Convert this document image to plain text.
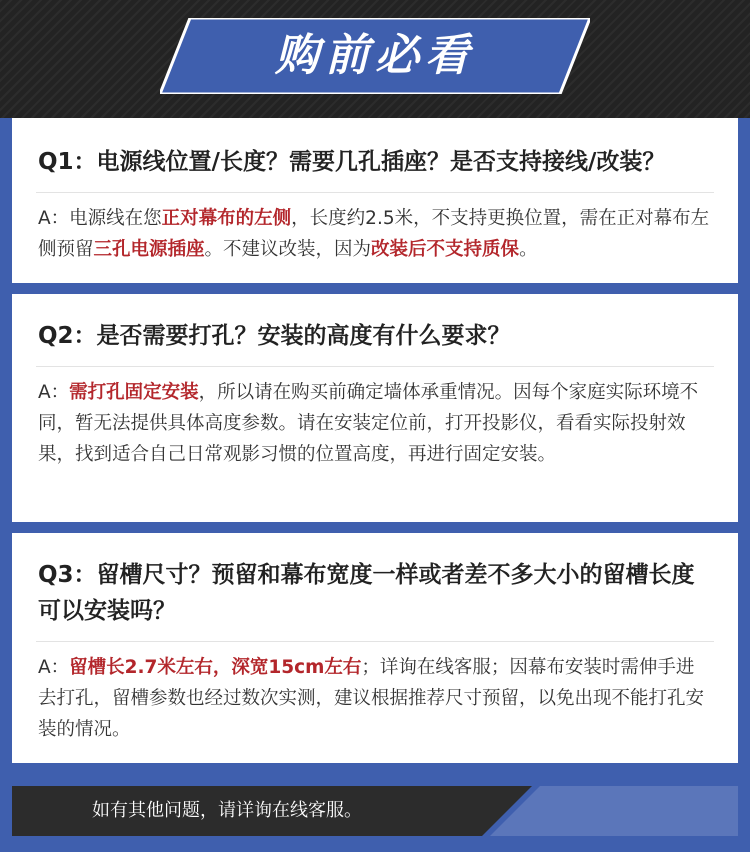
购前必看
Q1：电源线位置/长度？需要几孔插座？是否支持接线/改装？
A：电源线在您正对幕布的左侧，长度约2.5米，不支持更换位置，需在正对幕布左侧预留三孔电源插座。不建议改装，因为改装后不支持质保。
Q2：是否需要打孔？安装的高度有什么要求？
A：需打孔固定安装，所以请在购买前确定墙体承重情况。因每个家庭实际环境不同，暂无法提供具体高度参数。请在安装定位前，打开投影仪，看看实际投射效果，找到适合自己日常观影习惯的位置高度，再进行固定安装。
Q3：留槽尺寸？预留和幕布宽度一样或者差不多大小的留槽长度可以安装吗？
A：留槽长2.7米左右，深宽15cm左右；详询在线客服；因幕布安装时需伸手进去打孔，留槽参数也经过数次实测，建议根据推荐尺寸预留，以免出现不能打孔安装的情况。
如有其他问题，请详询在线客服。
